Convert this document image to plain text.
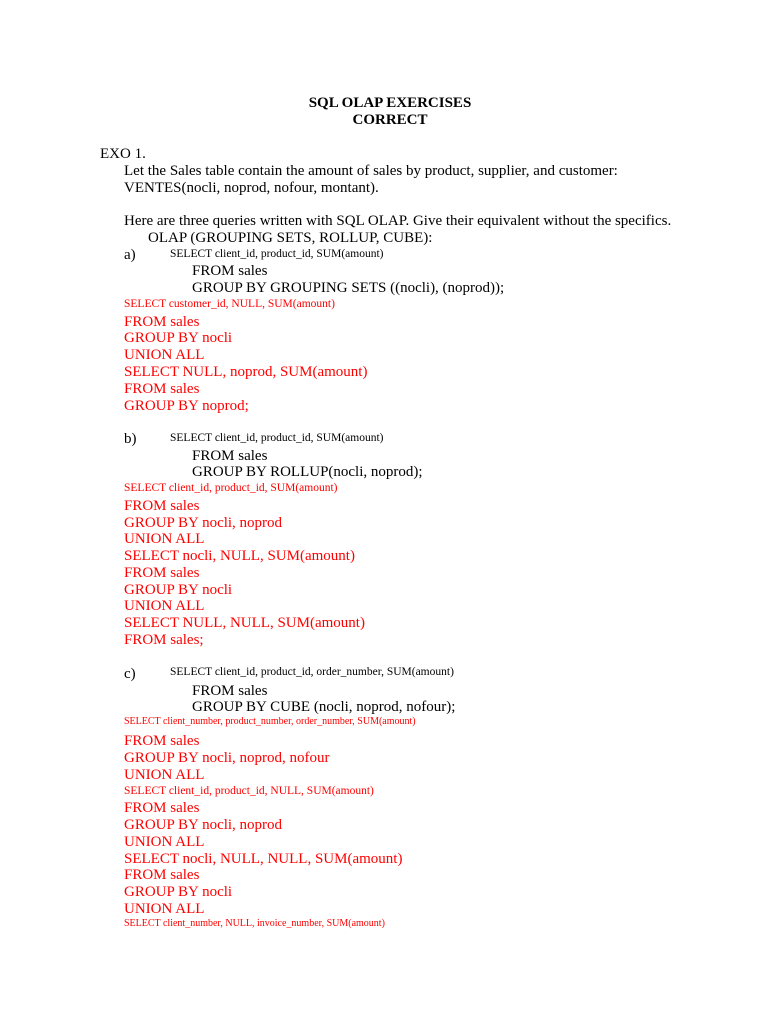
SQL OLAP EXERCISES
CORRECT
EXO 1.
Let the Sales table contain the amount of sales by product, supplier, and customer:
VENTES(nocli, noprod, nofour, montant).
Here are three queries written with SQL OLAP. Give their equivalent without the specifics.
OLAP (GROUPING SETS, ROLLUP, CUBE):
a)	SELECT client_id, product_id, SUM(amount)
FROM sales
GROUP BY GROUPING SETS ((nocli), (noprod));
SELECT customer_id, NULL, SUM(amount)
FROM sales
GROUP BY nocli
UNION ALL
SELECT NULL, noprod, SUM(amount)
FROM sales
GROUP BY noprod;
b)	SELECT client_id, product_id, SUM(amount)
FROM sales
GROUP BY ROLLUP(nocli, noprod);
SELECT client_id, product_id, SUM(amount)
FROM sales
GROUP BY nocli, noprod
UNION ALL
SELECT nocli, NULL, SUM(amount)
FROM sales
GROUP BY nocli
UNION ALL
SELECT NULL, NULL, SUM(amount)
FROM sales;
c)	SELECT client_id, product_id, order_number, SUM(amount)
FROM sales
GROUP BY CUBE (nocli, noprod, nofour);
SELECT client_number, product_number, order_number, SUM(amount)
FROM sales
GROUP BY nocli, noprod, nofour
UNION ALL
SELECT client_id, product_id, NULL, SUM(amount)
FROM sales
GROUP BY nocli, noprod
UNION ALL
SELECT nocli, NULL, NULL, SUM(amount)
FROM sales
GROUP BY nocli
UNION ALL
SELECT client_number, NULL, invoice_number, SUM(amount)
